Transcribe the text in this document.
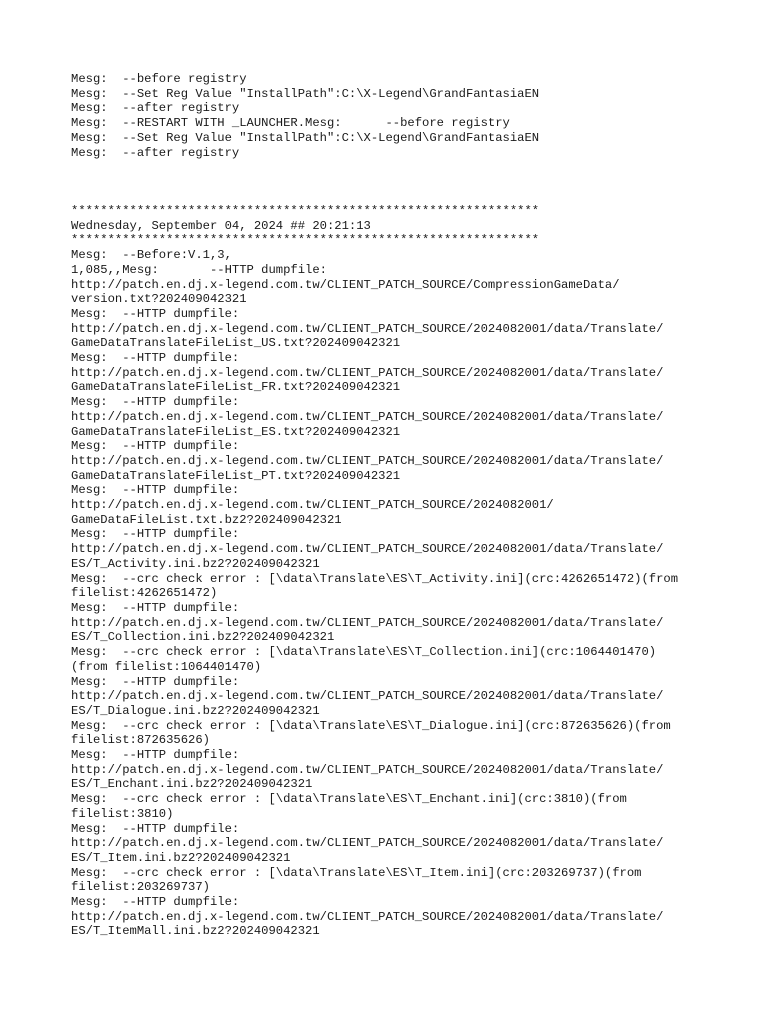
Mesg:  --before registry
Mesg:  --Set Reg Value "InstallPath":C:\X-Legend\GrandFantasiaEN
Mesg:  --after registry
Mesg:  --RESTART WITH _LAUNCHER.Mesg:      --before registry
Mesg:  --Set Reg Value "InstallPath":C:\X-Legend\GrandFantasiaEN
Mesg:  --after registry
****************************************************************
Wednesday, September 04, 2024 ## 20:21:13
****************************************************************
Mesg:  --Before:V.1,3,
1,085,,Mesg:       --HTTP dumpfile:
http://patch.en.dj.x-legend.com.tw/CLIENT_PATCH_SOURCE/CompressionGameData/
version.txt?202409042321
Mesg:  --HTTP dumpfile:
http://patch.en.dj.x-legend.com.tw/CLIENT_PATCH_SOURCE/2024082001/data/Translate/
GameDataTranslateFileList_US.txt?202409042321
Mesg:  --HTTP dumpfile:
http://patch.en.dj.x-legend.com.tw/CLIENT_PATCH_SOURCE/2024082001/data/Translate/
GameDataTranslateFileList_FR.txt?202409042321
Mesg:  --HTTP dumpfile:
http://patch.en.dj.x-legend.com.tw/CLIENT_PATCH_SOURCE/2024082001/data/Translate/
GameDataTranslateFileList_ES.txt?202409042321
Mesg:  --HTTP dumpfile:
http://patch.en.dj.x-legend.com.tw/CLIENT_PATCH_SOURCE/2024082001/data/Translate/
GameDataTranslateFileList_PT.txt?202409042321
Mesg:  --HTTP dumpfile:
http://patch.en.dj.x-legend.com.tw/CLIENT_PATCH_SOURCE/2024082001/
GameDataFileList.txt.bz2?202409042321
Mesg:  --HTTP dumpfile:
http://patch.en.dj.x-legend.com.tw/CLIENT_PATCH_SOURCE/2024082001/data/Translate/
ES/T_Activity.ini.bz2?202409042321
Mesg:  --crc check error : [\data\Translate\ES\T_Activity.ini](crc:4262651472)(from
filelist:4262651472)
Mesg:  --HTTP dumpfile:
http://patch.en.dj.x-legend.com.tw/CLIENT_PATCH_SOURCE/2024082001/data/Translate/
ES/T_Collection.ini.bz2?202409042321
Mesg:  --crc check error : [\data\Translate\ES\T_Collection.ini](crc:1064401470)
(from filelist:1064401470)
Mesg:  --HTTP dumpfile:
http://patch.en.dj.x-legend.com.tw/CLIENT_PATCH_SOURCE/2024082001/data/Translate/
ES/T_Dialogue.ini.bz2?202409042321
Mesg:  --crc check error : [\data\Translate\ES\T_Dialogue.ini](crc:872635626)(from
filelist:872635626)
Mesg:  --HTTP dumpfile:
http://patch.en.dj.x-legend.com.tw/CLIENT_PATCH_SOURCE/2024082001/data/Translate/
ES/T_Enchant.ini.bz2?202409042321
Mesg:  --crc check error : [\data\Translate\ES\T_Enchant.ini](crc:3810)(from
filelist:3810)
Mesg:  --HTTP dumpfile:
http://patch.en.dj.x-legend.com.tw/CLIENT_PATCH_SOURCE/2024082001/data/Translate/
ES/T_Item.ini.bz2?202409042321
Mesg:  --crc check error : [\data\Translate\ES\T_Item.ini](crc:203269737)(from
filelist:203269737)
Mesg:  --HTTP dumpfile:
http://patch.en.dj.x-legend.com.tw/CLIENT_PATCH_SOURCE/2024082001/data/Translate/
ES/T_ItemMall.ini.bz2?202409042321
